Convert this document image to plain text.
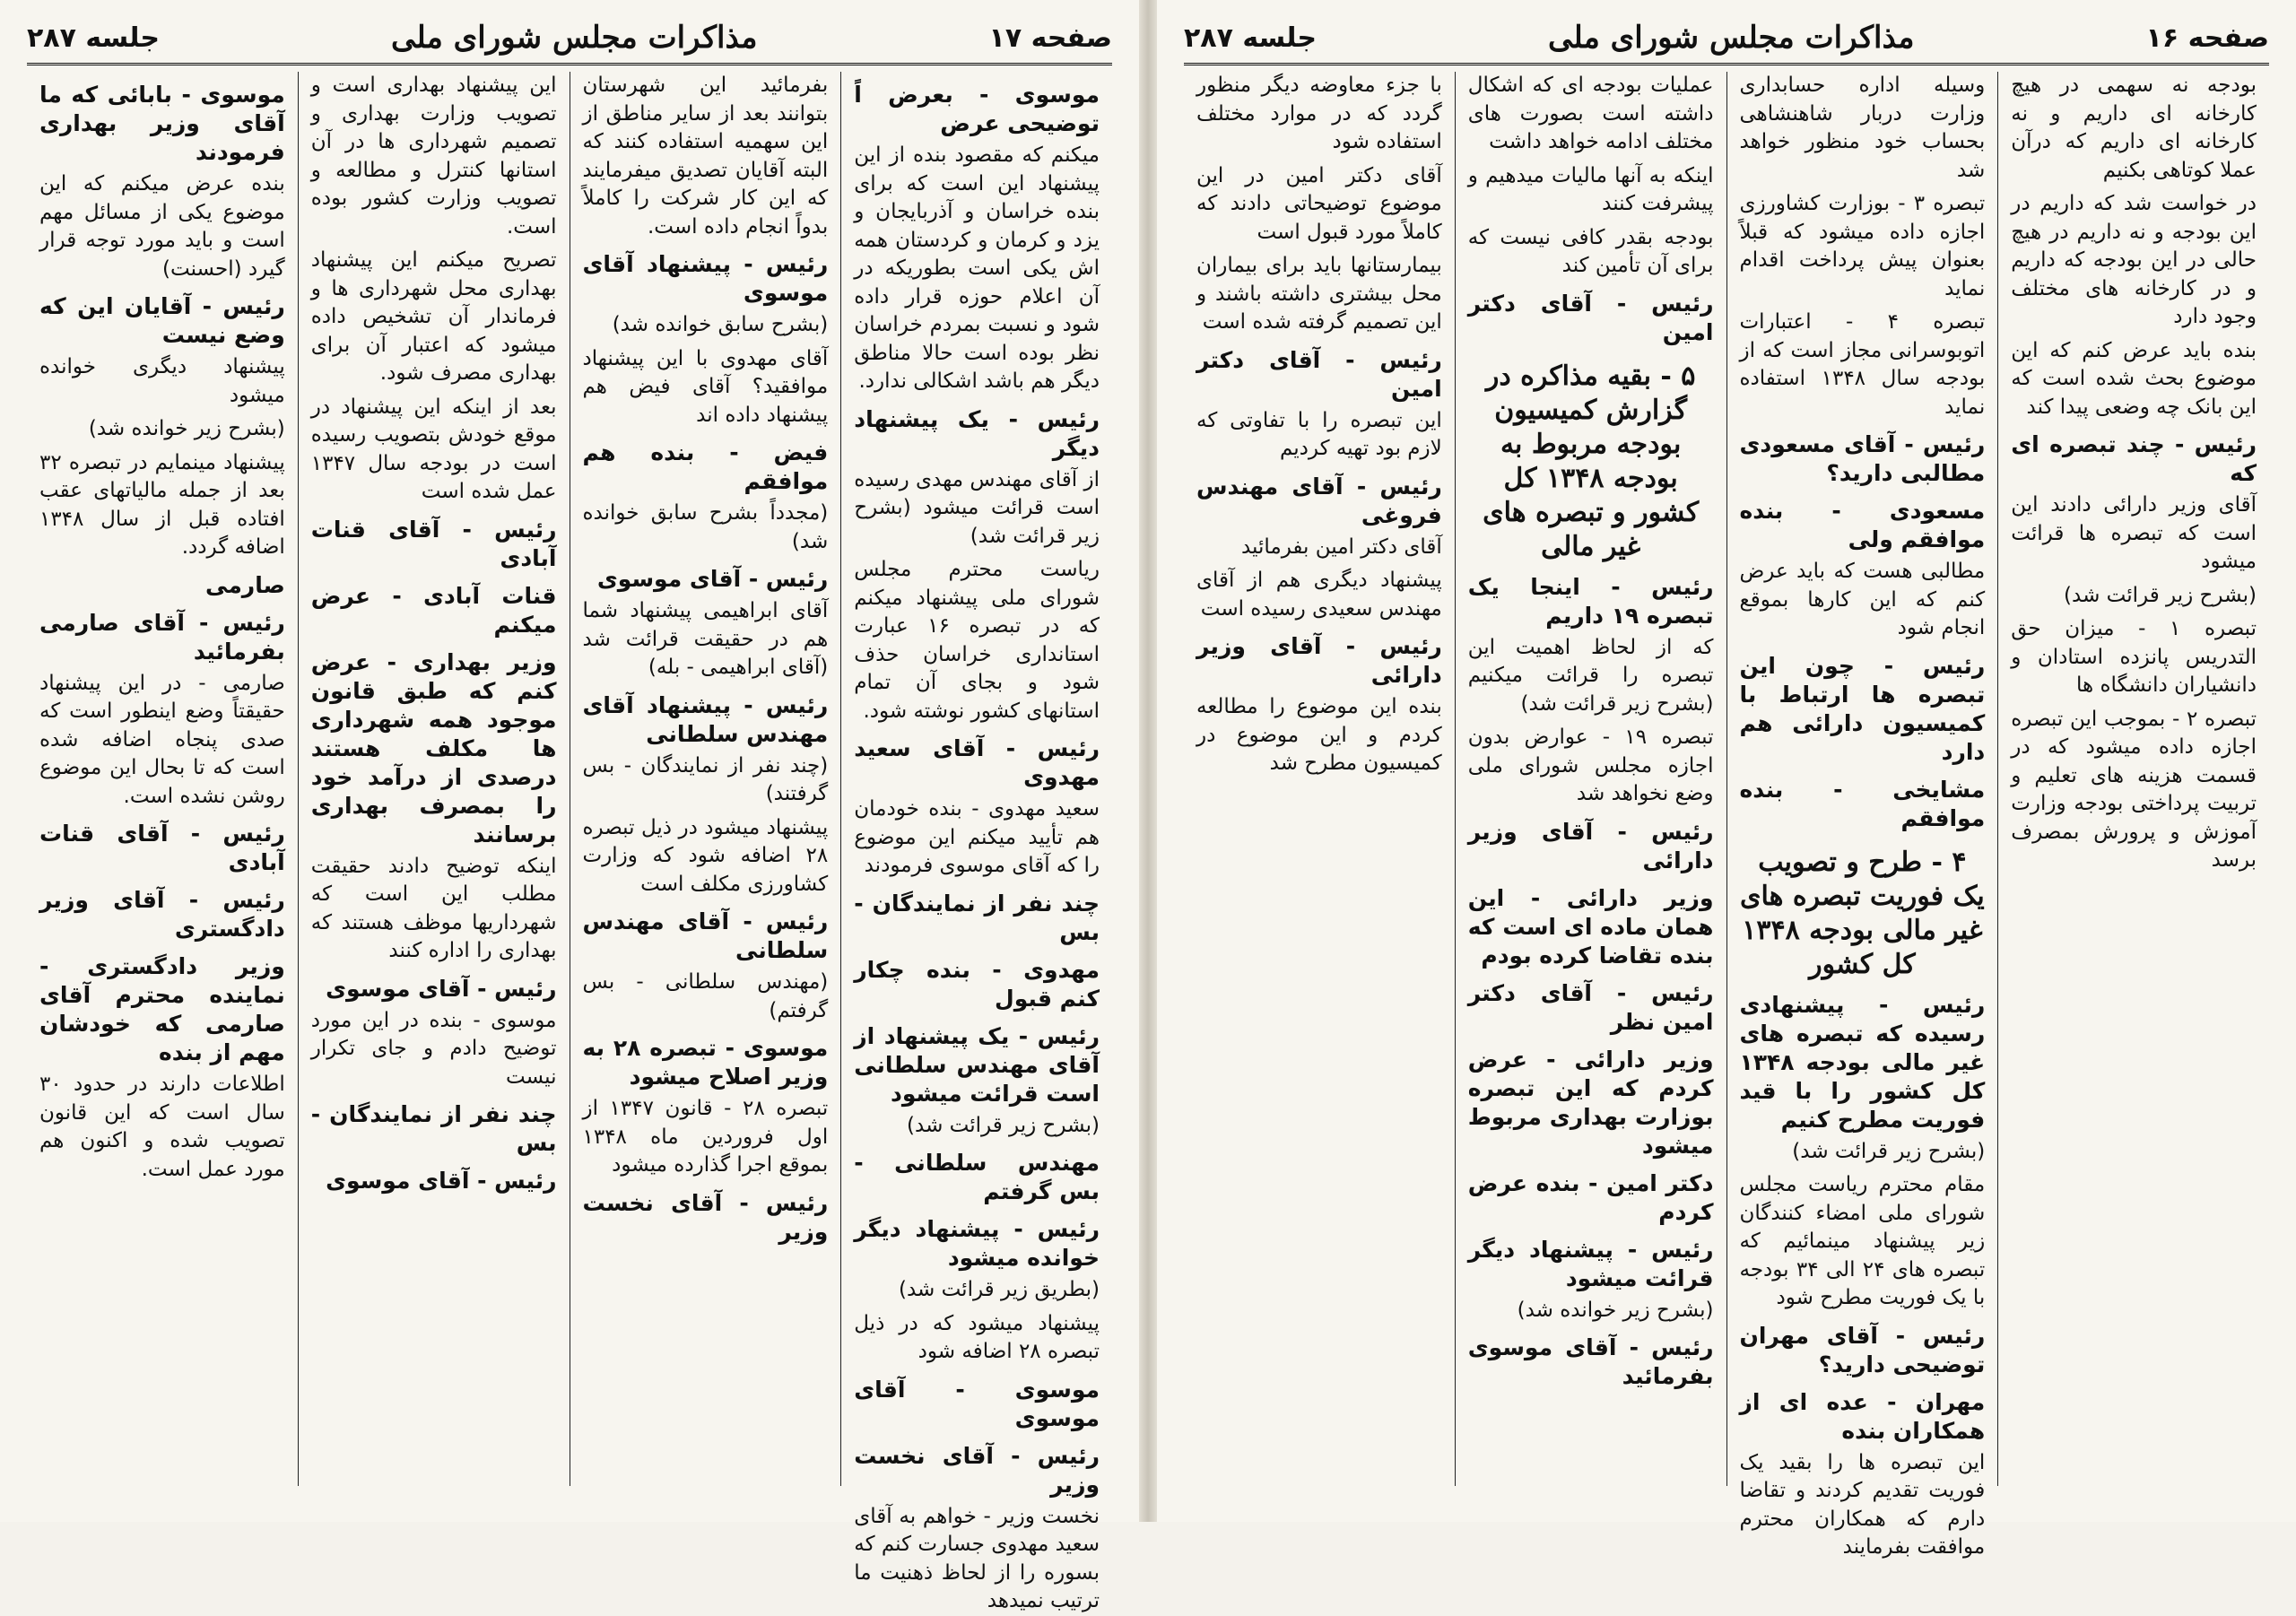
صفحه ۱۷
مذاکرات مجلس شورای ملی
جلسه ۲۸۷
موسوی - بعرض اً توضیحی عرض
میکنم که مقصود بنده از این پیشنهاد این است که برای بنده خراسان و آذربایجان و یزد و کرمان و کردستان همه اش یکی است بطوریکه در آن اعلام حوزه قرار داده شود و نسبت بمردم خراسان نظر بوده است حالا مناطق دیگر هم باشد اشکالی ندارد.
رئیس - یک پیشنهاد دیگر
از آقای مهندس مهدی رسیده است قرائت میشود (بشرح زیر قرائت شد)
ریاست محترم مجلس شورای ملی پیشنهاد میکنم که در تبصره ۱۶ عبارت استانداری خراسان حذف شود و بجای آن تمام استانهای کشور نوشته شود.
رئیس - آقای سعید مهدوی
سعید مهدوی - بنده خودمان هم تأیید میکنم این موضوع را که آقای موسوی فرمودند
چند نفر از نمایندگان - بس
مهدوی - بنده چکار کنم قبول
رئیس - یک پیشنهاد از آقای مهندس سلطانی است قرائت میشود
(بشرح زیر قرائت شد)
مهندس سلطانی - بس گرفتم
رئیس - پیشنهاد دیگر خوانده میشود
(بطریق زیر قرائت شد)
پیشنهاد میشود که در ذیل تبصره ۲۸ اضافه شود
موسوی - آقای موسوی
رئیس - آقای نخست وزیر
نخست وزیر - خواهم به آقای سعید مهدوی جسارت کنم که بسوره را از لحاظ ذهنیت ما ترتیب نمیدهد
بفرمائید این شهرستان بتوانند بعد از سایر مناطق از این سهمیه استفاده کنند که البته آقایان تصدیق میفرمایند که این کار شرکت را کاملاً بدواً انجام داده است.
رئیس - پیشنهاد آقای موسوی
(بشرح سابق خوانده شد)
آقای مهدوی با این پیشنهاد موافقید؟ آقای فیض هم پیشنهاد داده اند
فیض - بنده هم موافقم
(مجدداً بشرح سابق خوانده شد)
رئیس - آقای موسوی
آقای ابراهیمی پیشنهاد شما هم در حقیقت قرائت شد (آقای ابراهیمی - بله)
رئیس - پیشنهاد آقای مهندس سلطانی
(چند نفر از نمایندگان - بس گرفتند)
پیشنهاد میشود در ذیل تبصره ۲۸ اضافه شود که وزارت کشاورزی مکلف است
رئیس - آقای مهندس سلطانی
(مهندس سلطانی - بس گرفتم)
موسوی - تبصره ۲۸ به وزیر اصلاح میشود
تبصره ۲۸ - قانون ۱۳۴۷ از اول فروردین ماه ۱۳۴۸ بموقع اجرا گذارده میشود
رئیس - آقای نخست وزیر
این پیشنهاد بهداری است و تصویب وزارت بهداری و تصمیم شهرداری ها در آن استانها کنترل و مطالعه و تصویب وزارت کشور بوده است.
تصریح میکنم این پیشنهاد بهداری محل شهرداری ها و فرماندار آن تشخیص داده میشود که اعتبار آن برای بهداری مصرف شود.
بعد از اینکه این پیشنهاد در موقع خودش بتصویب رسیده است در بودجه سال ۱۳۴۷ عمل شده است
رئیس - آقای قنات آبادی
قنات آبادی - عرض میکنم
وزیر بهداری - عرض کنم که طبق قانون موجود همه شهرداری ها مکلف هستند درصدی از درآمد خود را بمصرف بهداری برسانند
اینکه توضیح دادند حقیقت مطلب این است که شهرداریها موظف هستند که بهداری را اداره کنند
رئیس - آقای موسوی
موسوی - بنده در این مورد توضیح دادم و جای تکرار نیست
چند نفر از نمایندگان - بس
رئیس - آقای موسوی
موسوی - بابائی که ما آقای وزیر بهداری فرمودند
بنده عرض میکنم که این موضوع یکی از مسائل مهم است و باید مورد توجه قرار گیرد (احسنت)
رئیس - آقایان این که وضع نیست
پیشنهاد دیگری خوانده میشود
(بشرح زیر خوانده شد)
پیشنهاد مینمایم در تبصره ۳۲ بعد از جمله مالیاتهای عقب افتاده قبل از سال ۱۳۴۸ اضافه گردد.
صارمی
رئیس - آقای صارمی بفرمائید
صارمی - در این پیشنهاد حقیقتاً وضع اینطور است که صدی پنجاه اضافه شده است که تا بحال این موضوع روشن نشده است.
رئیس - آقای قنات آبادی
رئیس - آقای وزیر دادگستری
وزیر دادگستری - نماینده محترم آقای صارمی که خودشان مهم از بنده
اطلاعات دارند در حدود ۳۰ سال است که این قانون تصویب شده و اکنون هم مورد عمل است.
صفحه ۱۶
مذاکرات مجلس شورای ملی
جلسه ۲۸۷
بودجه نه سهمی در هیچ کارخانه ای داریم و نه کارخانه ای داریم که درآن عملا کوتاهی بکنیم
در خواست شد که داریم در این بودجه و نه داریم در هیچ حالی در این بودجه که داریم و در کارخانه های مختلف وجود دارد
بنده باید عرض کنم که این موضوع بحث شده است که این بانک چه وضعی پیدا کند
رئیس - چند تبصره ای که
آقای وزیر دارائی دادند این است که تبصره ها قرائت میشود
(بشرح زیر قرائت شد)
تبصره ۱ - میزان حق التدریس پانزده استادان و دانشیاران دانشگاه ها
تبصره ۲ - بموجب این تبصره اجازه داده میشود که در قسمت هزینه های تعلیم و تربیت پرداختی بودجه وزارت آموزش و پرورش بمصرف برسد
وسیله اداره حسابداری وزارت دربار شاهنشاهی بحساب خود منظور خواهد شد
تبصره ۳ - بوزارت کشاورزی اجازه داده میشود که قبلاً بعنوان پیش پرداخت اقدام نماید
تبصره ۴ - اعتبارات اتوبوسرانی مجاز است که از بودجه سال ۱۳۴۸ استفاده نماید
رئیس - آقای مسعودی مطالبی دارید؟
مسعودی - بنده موافقم ولی
مطالبی هست که باید عرض کنم که این کارها بموقع انجام شود
رئیس - چون این تبصره ها ارتباط با کمیسیون دارائی هم دارد
مشایخی - بنده موافقم
۴ - طرح و تصویب یک فوریت تبصره های غیر مالی بودجه ۱۳۴۸ کل کشور
رئیس - پیشنهادی رسیده که تبصره های غیر مالی بودجه ۱۳۴۸ کل کشور را با قید فوریت مطرح کنیم
(بشرح زیر قرائت شد)
مقام محترم ریاست مجلس شورای ملی امضاء کنندگان زیر پیشنهاد مینمائیم که تبصره های ۲۴ الی ۳۴ بودجه با یک فوریت مطرح شود
رئیس - آقای مهران توضیحی دارید؟
مهران - عده ای از همکاران بنده
این تبصره ها را بقید یک فوریت تقدیم کردند و تقاضا دارم که همکاران محترم موافقت بفرمایند
عملیات بودجه ای که اشکال داشته است بصورت های مختلف ادامه خواهد داشت
اینکه به آنها مالیات میدهیم و پیشرفت کنند
بودجه بقدر کافی نیست که برای آن تأمین کند
رئیس - آقای دکتر امین
۵ - بقیه مذاکره در گزارش کمیسیون بودجه مربوط به بودجه ۱۳۴۸ کل کشور و تبصره های غیر مالی
رئیس - اینجا یک تبصره ۱۹ داریم
که از لحاظ اهمیت این تبصره را قرائت میکنیم (بشرح زیر قرائت شد)
تبصره ۱۹ - عوارض بدون اجازه مجلس شورای ملی وضع نخواهد شد
رئیس - آقای وزیر دارائی
وزیر دارائی - این همان ماده ای است که بنده تقاضا کرده بودم
رئیس - آقای دکتر امین نظر
وزیر دارائی - عرض کردم که این تبصره بوزارت بهداری مربوط میشود
دکتر امین - بنده عرض کردم
رئیس - پیشنهاد دیگر قرائت میشود
(بشرح زیر خوانده شد)
رئیس - آقای موسوی بفرمائید
با جزء معاوضه دیگر منظور گردد که در موارد مختلف استفاده شود
آقای دکتر امین در این موضوع توضیحاتی دادند که کاملاً مورد قبول است
بیمارستانها باید برای بیماران محل بیشتری داشته باشند و این تصمیم گرفته شده است
رئیس - آقای دکتر امین
این تبصره را با تفاوتی که لازم بود تهیه کردیم
رئیس - آقای مهندس فروغی
آقای دکتر امین بفرمائید
پیشنهاد دیگری هم از آقای مهندس سعیدی رسیده است
رئیس - آقای وزیر دارائی
بنده این موضوع را مطالعه کردم و این موضوع در کمیسیون مطرح شد
